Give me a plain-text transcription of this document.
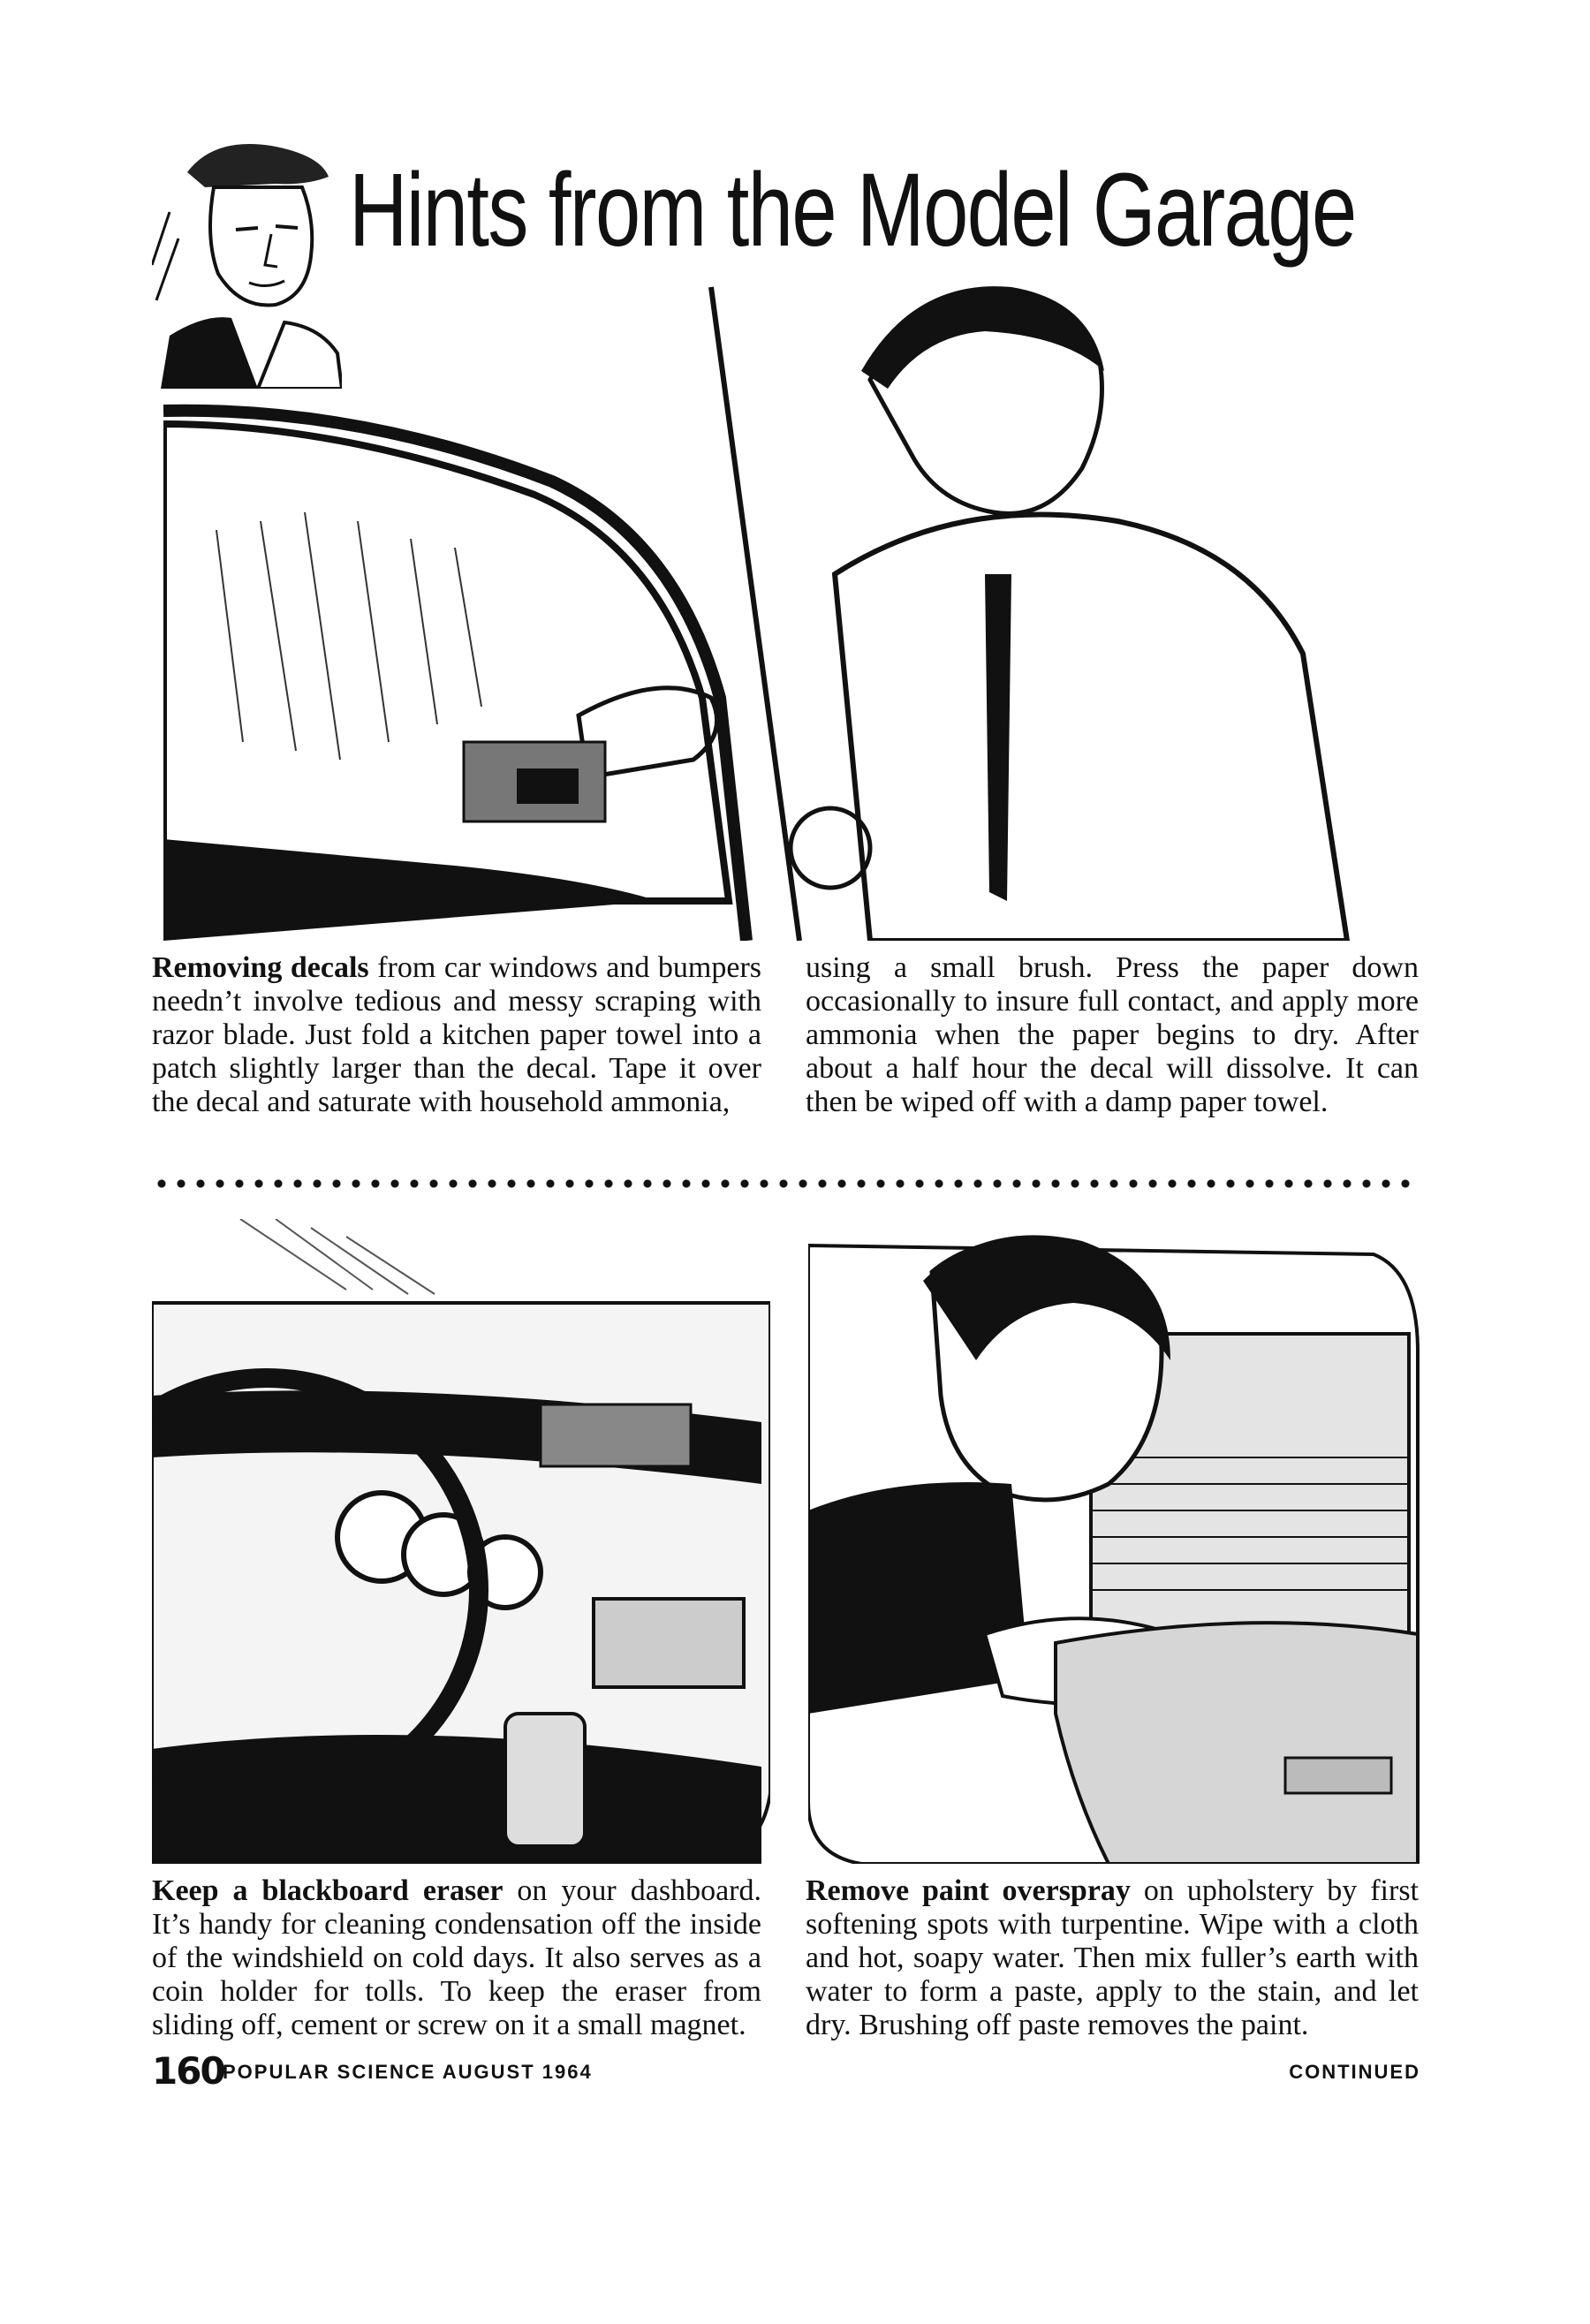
Hints from the Model Garage
Removing decals from car windows and bumpers needn’t involve tedious and messy scraping with razor blade. Just fold a kitchen paper towel into a patch slightly larger than the decal. Tape it over the decal and saturate with household ammonia,
using a small brush. Press the paper down occasionally to insure full contact, and apply more ammonia when the paper begins to dry. After about a half hour the decal will dissolve. It can then be wiped off with a damp paper towel.
Keep a blackboard eraser on your dashboard. It’s handy for cleaning condensation off the inside of the windshield on cold days. It also serves as a coin holder for tolls. To keep the eraser from sliding off, cement or screw on it a small magnet.
Remove paint overspray on upholstery by first softening spots with turpentine. Wipe with a cloth and hot, soapy water. Then mix fuller’s earth with water to form a paste, apply to the stain, and let dry. Brushing off paste removes the paint.
160
POPULAR SCIENCE AUGUST 1964	CONTINUED
